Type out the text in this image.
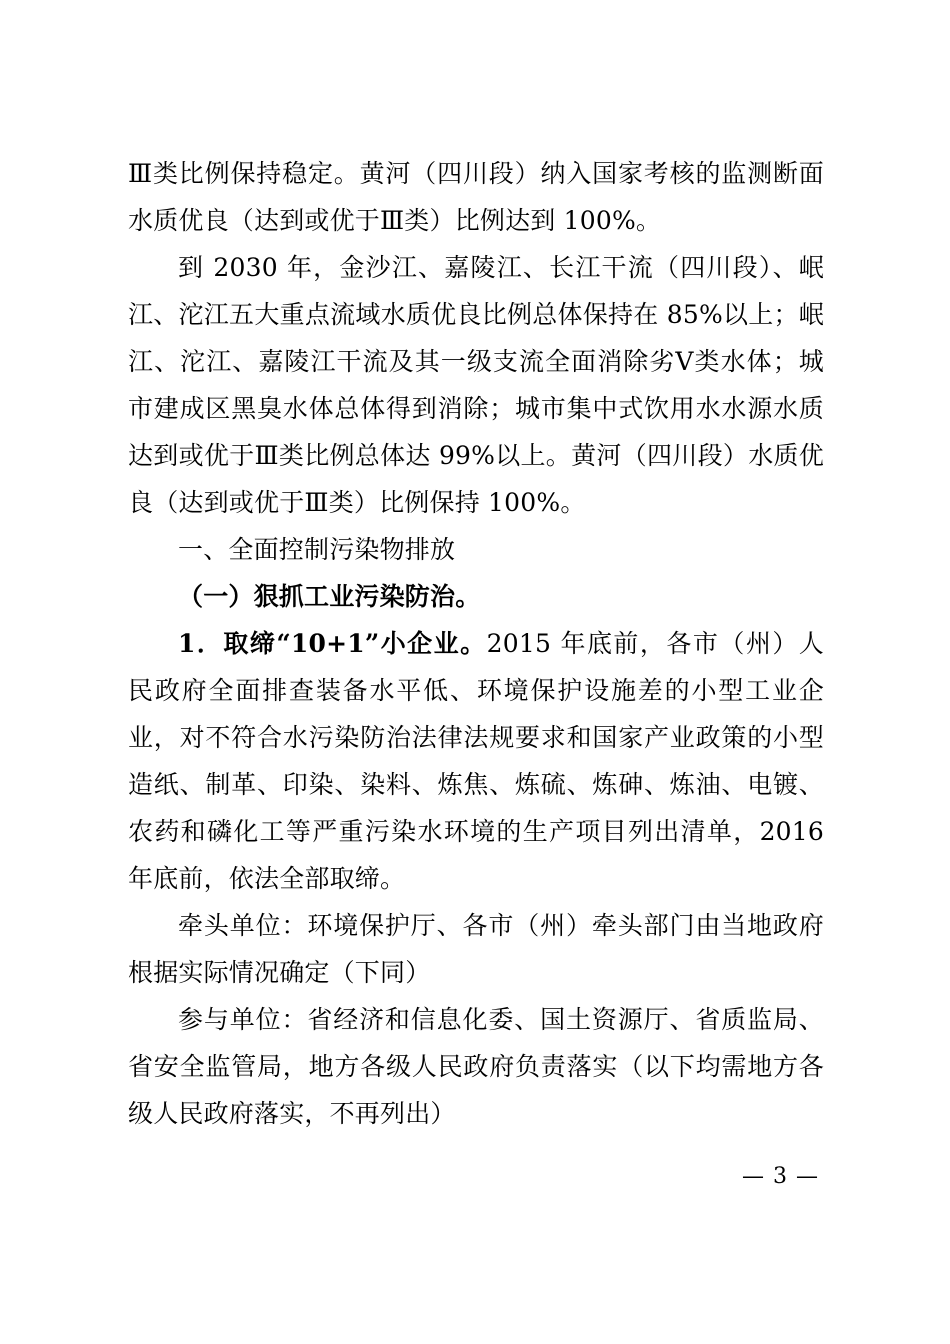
Ⅲ类比例保持稳定。黄河（四川段）纳入国家考核的监测断面水质优良（达到或优于Ⅲ类）比例达到 100%。

到 2030 年，金沙江、嘉陵江、长江干流（四川段）、岷江、沱江五大重点流域水质优良比例总体保持在 85%以上；岷江、沱江、嘉陵江干流及其一级支流全面消除劣Ⅴ类水体；城市建成区黑臭水体总体得到消除；城市集中式饮用水水源水质达到或优于Ⅲ类比例总体达 99%以上。黄河（四川段）水质优良（达到或优于Ⅲ类）比例保持 100%。

一、全面控制污染物排放

（一）狠抓工业污染防治。

1．取缔“10+1”小企业。2015 年底前，各市（州）人民政府全面排查装备水平低、环境保护设施差的小型工业企业，对不符合水污染防治法律法规要求和国家产业政策的小型造纸、制革、印染、染料、炼焦、炼硫、炼砷、炼油、电镀、农药和磷化工等严重污染水环境的生产项目列出清单，2016 年底前，依法全部取缔。

牵头单位：环境保护厅、各市（州）牵头部门由当地政府根据实际情况确定（下同）

参与单位：省经济和信息化委、国土资源厅、省质监局、省安全监管局，地方各级人民政府负责落实（以下均需地方各级人民政府落实，不再列出）

— 3 —
